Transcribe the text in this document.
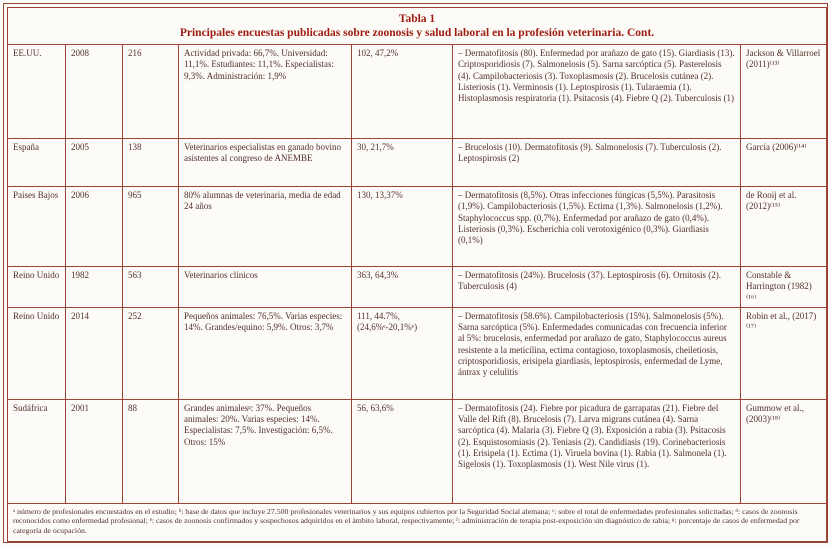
Tabla 1
Principales encuestas publicadas sobre zoonosis y salud laboral en la profesión veterinaria. Cont.						

EE.UU.	2008	216	Actividad privada: 66,7%. Universidad: 11,1%. Estudiantes: 11,1%. Especialistas: 9,3%. Administración: 1,9%	102, 47,2%	– Dermatofitosis (80). Enfermedad por arañazo de gato (15). Giardiasis (13). Criptosporidiosis (7). Salmonelosis (5). Sarna sarcóptica (5). Pasterelosis (4). Campilobacteriosis (3). Toxoplasmosis (2). Brucelosis cutánea (2). Listeriosis (1). Verminosis (1). Leptospirosis (1). Tularaemia (1). Histoplasmosis respiratoria (1). Psitacosis (4). Fiebre Q (2). Tuberculosis (1)	Jackson & Villarroel (2011)⁽¹³⁾
España	2005	138	Veterinarios especialistas en ganado bovino asistentes al congreso de ANEMBE	30, 21,7%	– Brucelosis (10). Dermatofitosis (9). Salmonelosis (7). Tuberculosis (2). Leptospirosis (2)	García (2006)⁽¹⁴⁾
Países Bajos	2006	965	80% alumnas de veterinaria, media de edad 24 años	130, 13,37%	– Dermatofitosis (8,5%). Otras infecciones fúngicas (5,5%). Parasitosis (1,9%). Campilobacteriosis (1,5%). Ectima (1,3%). Salmonelosis (1,2%). Staphylococcus spp. (0,7%). Enfermedad por arañazo de gato (0,4%). Listeriosis (0,3%). Escherichia coli verotoxigénico (0,3%). Giardiasis (0,1%)	de Rooij et al. (2012)⁽¹⁵⁾
Reino Unido	1982	563	Veterinarios clínicos	363, 64,3%	– Dermatofitosis (24%). Brucelosis (37). Leptospirosis (6). Ornitosis (2). Tuberculosis (4)	Constable & Harrington (1982) ⁽¹⁶⁾
Reino Unido	2014	252	Pequeños animales: 76,5%. Varias especies: 14%. Grandes/equino: 5,9%. Otros: 3,7%	111, 44.7%, (24,6%ᵉ-20,1%ᵉ)	– Dermatofitosis (58.6%). Campilobacteriosis (15%). Salmonelosis (5%). Sarna sarcóptica (5%). Enfermedades comunicadas con frecuencia inferior al 5%: brucelosis, enfermedad por arañazo de gato, Staphylococcus aureus resistente a la meticilina, ectima contagioso, toxoplasmosis, cheiletiosis, criptosporidiosis, erisipela giardiasis, leptospirosis, enfermedad de Lyme, ántrax y celulitis	Robin et al., (2017)⁽¹⁷⁾
Sudáfrica	2001	88	Grandes animalesᵍ: 37%. Pequeños animales: 20%. Varias especies: 14%. Especialistas: 7,5%. Investigación: 6,5%. Otros: 15%	56, 63,6%	– Dermatofitosis (24). Fiebre por picadura de garrapatas (21). Fiebre del Valle del Rift (8). Brucelosis (7). Larva migrans cutánea (4). Sarna sarcóptica (4). Malaria (3). Fiebre Q (3). Exposición a rabia (3). Psitacosis (2). Esquistosomiasis (2). Teniasis (2). Candidiasis (19). Corinebacteriosis (1). Erisipela (1). Ectima (1). Viruela bovina (1). Rabia (1). Salmonela (1). Sigelosis (1). Toxoplasmosis (1). West Nile virus (1).	Gummow et al., (2003)⁽¹⁸⁾
ᵃ número de profesionales encuestados en el estudio; ᵇ: base de datos que incluye 27.500 profesionales veterinarios y sus equipos cubiertos por la Seguridad Social alemana; ᶜ: sobre el total de enfermedades profesionales solicitadas; ᵈ: casos de zoonosis reconocidos como enfermedad profesional; ᵉ: casos de zoonosis confirmados y sospechosos adquiridos en el ámbito laboral, respectivamente; ᶠ: administración de terapia post-exposición sin diagnóstico de rabia; ᵍ: porcentaje de casos de enfermedad por categoría de ocupación.						
